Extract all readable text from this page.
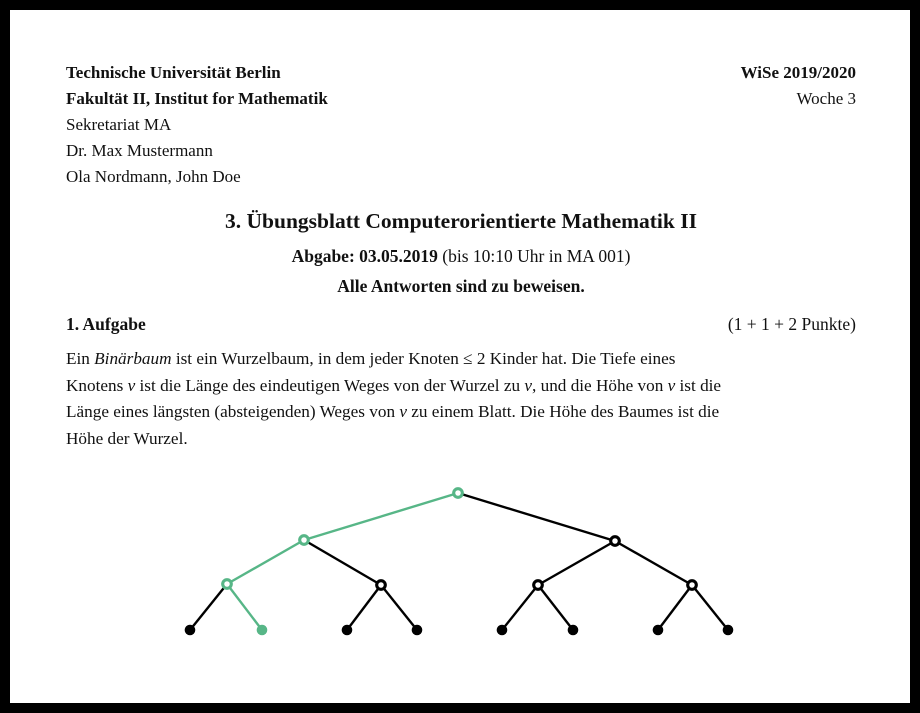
Technische Universität Berlin
Fakultät II, Institut for Mathematik
Sekretariat MA
Dr. Max Mustermann
Ola Nordmann, John Doe
WiSe 2019/2020
Woche 3
3. Übungsblatt Computerorientierte Mathematik II
Abgabe: 03.05.2019 (bis 10:10 Uhr in MA 001)
Alle Antworten sind zu beweisen.
1. Aufgabe	(1 + 1 + 2 Punkte)
Ein Binärbaum ist ein Wurzelbaum, in dem jeder Knoten ≤ 2 Kinder hat. Die Tiefe eines
Knotens v ist die Länge des eindeutigen Weges von der Wurzel zu v, und die Höhe von v ist die
Länge eines längsten (absteigenden) Weges von v zu einem Blatt. Die Höhe des Baumes ist die
Höhe der Wurzel.
